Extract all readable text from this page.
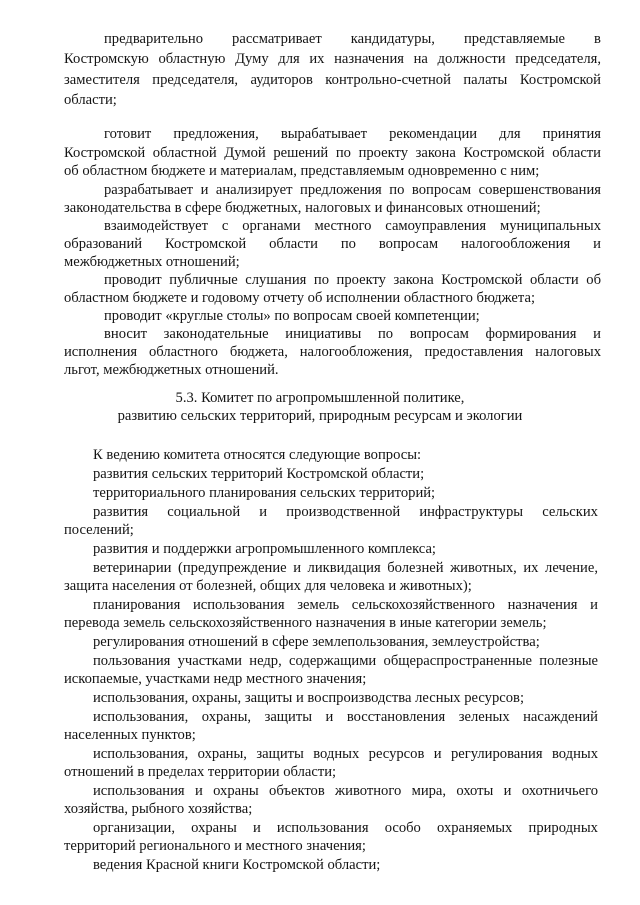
предварительно рассматривает кандидатуры, представляемые в
Костромскую областную Думу для их назначения на должности председателя,
заместителя председателя, аудиторов контрольно-счетной палаты Костромской
области;
готовит предложения, вырабатывает рекомендации для принятия
Костромской областной Думой решений по проекту закона Костромской области
об областном бюджете и материалам, представляемым одновременно с ним;
разрабатывает и анализирует предложения по вопросам совершенствования
законодательства в сфере бюджетных, налоговых и финансовых отношений;
взаимодействует с органами местного самоуправления муниципальных
образований Костромской области по вопросам налогообложения и
межбюджетных отношений;
проводит публичные слушания по проекту закона Костромской области об
областном бюджете и годовому отчету об исполнении областного бюджета;
проводит «круглые столы» по вопросам своей компетенции;
вносит законодательные инициативы по вопросам формирования и
исполнения областного бюджета, налогообложения, предоставления налоговых
льгот, межбюджетных отношений.
5.3. Комитет по агропромышленной политике,
развитию сельских территорий, природным ресурсам и экологии
К ведению комитета относятся следующие вопросы:
развития сельских территорий Костромской области;
территориального планирования сельских территорий;
развития социальной и производственной инфраструктуры сельских
поселений;
развития и поддержки агропромышленного комплекса;
ветеринарии (предупреждение и ликвидация болезней животных, их лечение,
защита населения от болезней, общих для человека и животных);
планирования использования земель сельскохозяйственного назначения и
перевода земель сельскохозяйственного назначения в иные категории земель;
регулирования отношений в сфере землепользования, землеустройства;
пользования участками недр, содержащими общераспространенные полезные
ископаемые, участками недр местного значения;
использования, охраны, защиты и воспроизводства лесных ресурсов;
использования, охраны, защиты и восстановления зеленых насаждений
населенных пунктов;
использования, охраны, защиты водных ресурсов и регулирования водных
отношений в пределах территории области;
использования и охраны объектов животного мира, охоты и охотничьего
хозяйства, рыбного хозяйства;
организации, охраны и использования особо охраняемых природных
территорий регионального и местного значения;
ведения Красной книги Костромской области;
